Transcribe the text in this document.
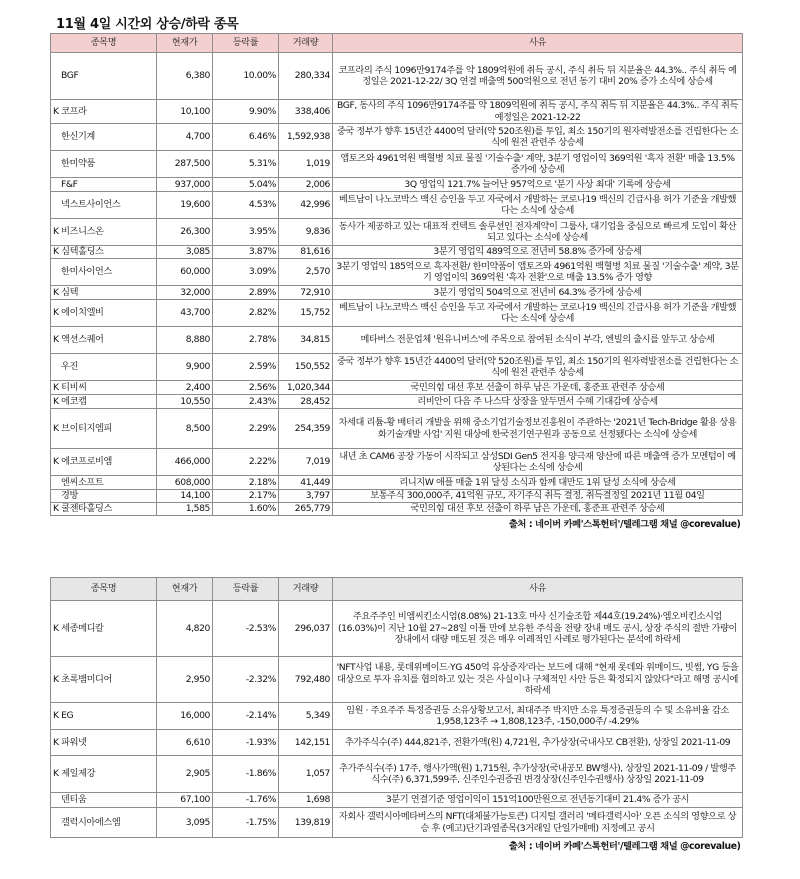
11월 4일 시간외 상승/하락 종목
종목명	현재가	등락률	거래량	사유
BGF	6,380	10.00%	280,334	코프라의 주식 1096만9174주를 약 1809억원에 취득 공시, 주식 취득 뒤 지분율은 44.3%.. 주식 취득 예정일은 2021-12-22/ 3Q 연결 매출액 500억원으로 전년 동기 대비 20% 증가 소식에 상승세
K 코프라	10,100	9.90%	338,406	BGF, 동사의 주식 1096만9174주를 약 1809억원에 취득 공시, 주식 취득 뒤 지분율은 44.3%.. 주식 취득 예정일은 2021-12-22
한신기계	4,700	6.46%	1,592,938	중국 정부가 향후 15년간 4400억 달러(약 520조원)를 투입, 최소 150기의 원자력발전소를 건립한다는 소식에 원전 관련주 상승세
한미약품	287,500	5.31%	1,019	앱토즈와 4961억원 백혈병 치료 물질 '기술수출' 계약, 3분기 영업이익 369억원 '흑자 전환' 매출 13.5% 증가에 상승세
F&F	937,000	5.04%	2,006	3Q 영업익 121.7% 늘어난 957억으로 '분기 사상 최대' 기록에 상승세
넥스트사이언스	19,600	4.53%	42,996	베트남이 나노코박스 백신 승인을 두고 자국에서 개발하는 코로나19 백신의 긴급사용 허가 기준을 개발했다는 소식에 상승세
K 비즈니스온	26,300	3.95%	9,836	동사가 제공하고 있는 대표적 컨텍트 솔루션인 전자계약이 그룹사, 대기업을 중심으로 빠르게 도입이 확산되고 있다는 소식에 상승세
K 심텍홀딩스	3,085	3.87%	81,616	3분기 영업익 489억으로 전년비 58.8% 증가에 상승세
한미사이언스	60,000	3.09%	2,570	3분기 영업익 185억으로 흑자전환/ 한미약품이 앱토즈와 4961억원 백혈병 치료 물질 '기술수출' 계약, 3분기 영업이익 369억원 '흑자 전환'으로 매출 13.5% 증가 영향
K 심텍	32,000	2.89%	72,910	3분기 영업익 504억으로 전년비 64.3% 증가에 상승세
K 에이치엘비	43,700	2.82%	15,752	베트남이 나노코박스 백신 승인을 두고 자국에서 개발하는 코로나19 백신의 긴급사용 허가 기준을 개발했다는 소식에 상승세
K 액션스퀘어	8,880	2.78%	34,815	메타버스 전문업체 '원유니버스'에 주목으로 참여된 소식이 부각, 엔빌의 출시를 앞두고 상승세
우진	9,900	2.59%	150,552	중국 정부가 향후 15년간 4400억 달러(약 520조원)를 투입, 최소 150기의 원자력발전소를 건립한다는 소식에 원전 관련주 상승세
K 티비씨	2,400	2.56%	1,020,344	국민의힘 대선 후보 선출이 하루 남은 가운데, 홍준표 관련주 상승세
K 에코캡	10,550	2.43%	28,452	리비안이 다음 주 나스닥 상장을 앞두면서 수혜 기대감에 상승세
K 브이티지엠피	8,500	2.29%	254,359	차세대 리튬-황 배터리 개발을 위해 중소기업기술정보진흥원이 주관하는 '2021년 Tech-Bridge 활용 상용화기술개발 사업' 지원 대상에 한국전기연구원과 공동으로 선정됐다는 소식에 상승세
K 에코프로비엠	466,000	2.22%	7,019	내년 초 CAM6 공장 가동이 시작되고 삼성SDI Gen5 전지용 양극재 양산에 따른 매출액 증가 모멘텀이 예상된다는 소식에 상승세
엔씨소프트	608,000	2.18%	41,449	리니지W 애플 매출 1위 달성 소식과 함께 대만도 1위 달성 소식에 상승세
경방	14,100	2.17%	3,797	보통주식 300,000주, 41억원 규모, 자기주식 취득 결정, 취득결정일 2021년 11월 04일
K 쿨젠타홀딩스	1,585	1.60%	265,779	국민의힘 대선 후보 선출이 하루 남은 가운데, 홍준표 관련주 상승세
출처 : 네이버 카페'스톡헌터'/텔레그램 채널 @corevalue)				
종목명	현재가	등락률	거래량	사유
K 세종메디칼	4,820	-2.53%	296,037	주요주주인 비엠씨킨소시엄(8.08%) 21-13호 마사 신기술조합 제44호(19.24%)·엠오비킨소시엄(16.03%)이 지난 10월 27~28일 이틀 만에 보유한 주식을 전량 장내 매도 공시, 상장 주식의 절반 가량이 장내에서 대량 매도된 것은 매우 이례적인 사례로 평가된다는 분석에 하락세
K 초록뱀미디어	2,950	-2.32%	792,480	'NFT사업 내용, 롯데위메이드·YG 450억 유상증자'라는 보드에 대해 "현재 롯데와 위메이드, 빗썸, YG 등을 대상으로 투자 유치를 협의하고 있는 것은 사실이나 구체적인 사안 등은 확정되지 않았다"라고 해명 공시에 하락세
K EG	16,000	-2.14%	5,349	임원 · 주요주주 특정증권등 소유상황보고서, 최대주주 박지만 소유 특정증권등의 수 및 소유비율 감소 1,958,123주 → 1,808,123주, -150,000주/ -4.29%
K 파워넷	6,610	-1.93%	142,151	추가주식수(주) 444,821주, 전환가액(원) 4,721원, 추가상장(국내사모 CB전환), 상장일 2021-11-09
K 제일제강	2,905	-1.86%	1,057	추가주식수(주) 17주, 행사가액(원) 1,715원, 추가상장(국내공모 BW행사), 상장일 2021-11-09 / 발행주식수(주) 6,371,599주, 신주인수권증권 변경상장(신주인수권행사) 상장일 2021-11-09
덴티움	67,100	-1.76%	1,698	3분기 연결기준 영업이익이 151억100만원으로 전년동기대비 21.4% 증가 공시
갤럭시아에스엠	3,095	-1.75%	139,819	자회사 갤럭시아메타버스의 NFT(대체불가능토큰) 디지털 갤러리 '메타갤럭시아' 오픈 소식의 영향으로 상승 후 (예고)단기과열종목(3거래일 단일가매매) 지정예고 공시
출처 : 네이버 카페'스톡헌터'/텔레그램 채널 @corevalue)				
